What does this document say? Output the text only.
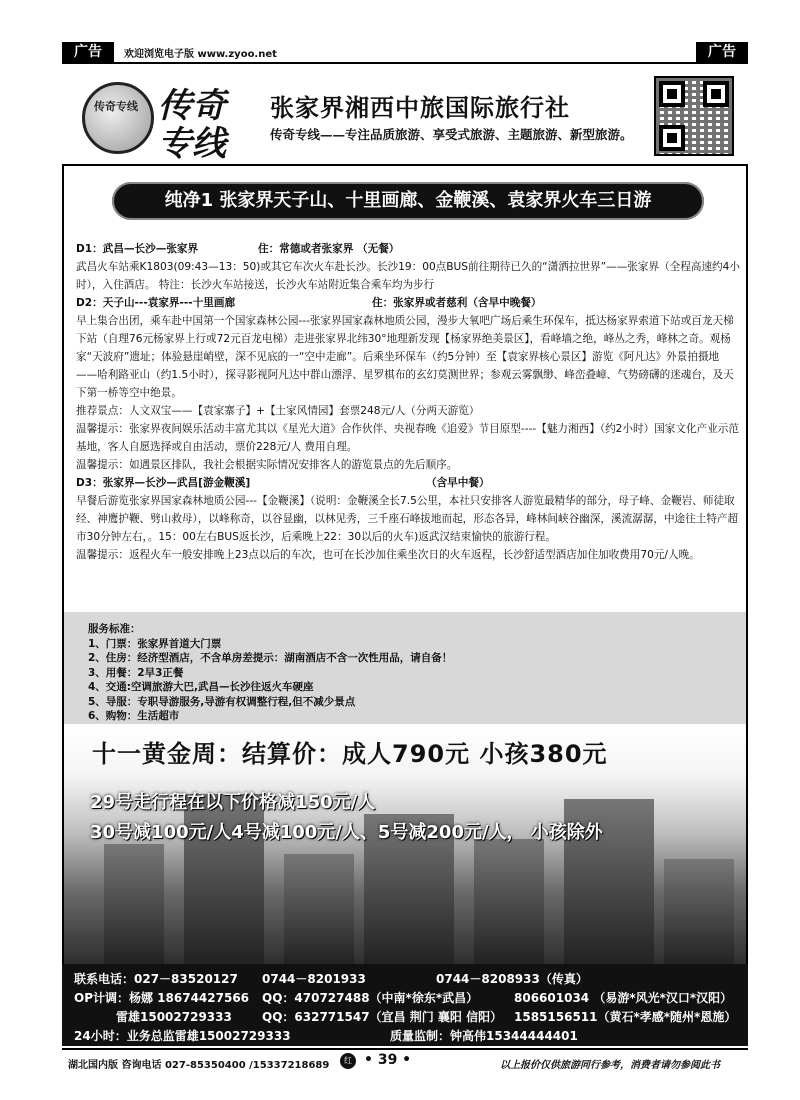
广告	欢迎浏览电子版 www.zyoo.net	广告
传奇专线 传奇
专线
张家界湘西中旅国际旅行社
传奇专线——专注品质旅游、享受式旅游、主题旅游、新型旅游。
纯净1 张家界天子山、十里画廊、金鞭溪、袁家界火车三日游

D1：武昌—长沙—张家界	住：常德或者张家界 （无餐）

武昌火车站乘K1803(09:43—13：50)或其它车次火车赴长沙。长沙19：00点BUS前往期待已久的“潇洒拉世界”——张家界（全程高速约4小时），入住酒店。 特注：长沙火车站接送，长沙火车站附近集合乘车均为步行

D2：天子山---袁家界---十里画廊	住：张家界或者慈利（含早中晚餐）

早上集合出团，乘车赴中国第一个国家森林公园---张家界国家森林地质公园，漫步大氧吧广场后乘生环保车，抵达杨家界索道下站或百龙天梯下站（自理76元杨家界上行或72元百龙电梯）走进张家界北纬30°地理新发现【杨家界绝美景区】，看峰墙之绝，峰丛之秀，峰林之奇。观杨家“天波府”遗址；体验悬崖峭壁，深不见底的一“空中走廊”。后乘坐环保车（约5分钟）至【袁家界核心景区】游览《阿凡达》外景拍摄地——哈利路亚山（约1.5小时），探寻影视阿凡达中群山漂浮、星罗棋布的玄幻莫测世界；参观云雾飘缈、峰峦叠嶂、气势磅礴的迷魂台，及天下第一桥等空中绝景。

推荐景点：人文双宝——【袁家寨子】+【土家风情园】套票248元/人（分两天游览）

温馨提示：张家界夜间娱乐活动丰富尤其以《星光大道》合作伙伴、央视春晚《追爱》节目原型----【魅力湘西】（约2小时）国家文化产业示范基地，客人自愿选择或自由活动，票价228元/人 费用自理。

温馨提示：如遇景区排队，我社会根据实际情况安排客人的游览景点的先后顺序。

D3：张家界—长沙—武昌[游金鞭溪]	（含早中餐）

早餐后游览张家界国家森林地质公园---【金鞭溪】（说明：金鞭溪全长7.5公里，本社只安排客人游览最精华的部分，母子峰、金鞭岩、师徒取经、神鹰护鞭、劈山救母），以峰称奇，以谷显幽，以林见秀，三千座石峰拔地而起，形态各异，峰林间峡谷幽深，溪流潺潺，中途往土特产超市30分钟左右，。15：00左右BUS返长沙，后乘晚上22：30以后的火车)返武汉结束愉快的旅游行程。

温馨提示：返程火车一般安排晚上23点以后的车次，也可在长沙加住乘坐次日的火车返程，长沙舒适型酒店加住加收费用70元/人晚。

服务标准：
1、门票：张家界首道大门票
2、住房：经济型酒店，不含单房差提示：湖南酒店不含一次性用品，请自备！
3、用餐：2早3正餐
4、交通:空调旅游大巴,武昌—长沙往返火车硬座
5、导服：专职导游服务,导游有权调整行程,但不减少景点
6、购物：生活超市
十一黄金周：结算价：成人790元 小孩380元
29号走行程在以下价格减150元/人
30号减100元/人4号减100元/人、5号减200元/人， 小孩除外
联系电话：027－83520127 0744－8201933	0744－8208933（传真）
OP计调：杨娜 18674427566 QQ：470727488（中南*徐东*武昌）	806601034 （易游*风光*汉口*汉阳）
雷雄15002729333	QQ：632771547（宜昌 荆门 襄阳 信阳） 1585156511（黄石*孝感*随州*恩施）
24小时：业务总监雷雄15002729333	质量监制：钟高伟15344444401
湖北国内版 咨询电话 027-85350400 /15337218689	红 • 39 •	以上报价仅供旅游同行参考，消费者请勿参阅此书
